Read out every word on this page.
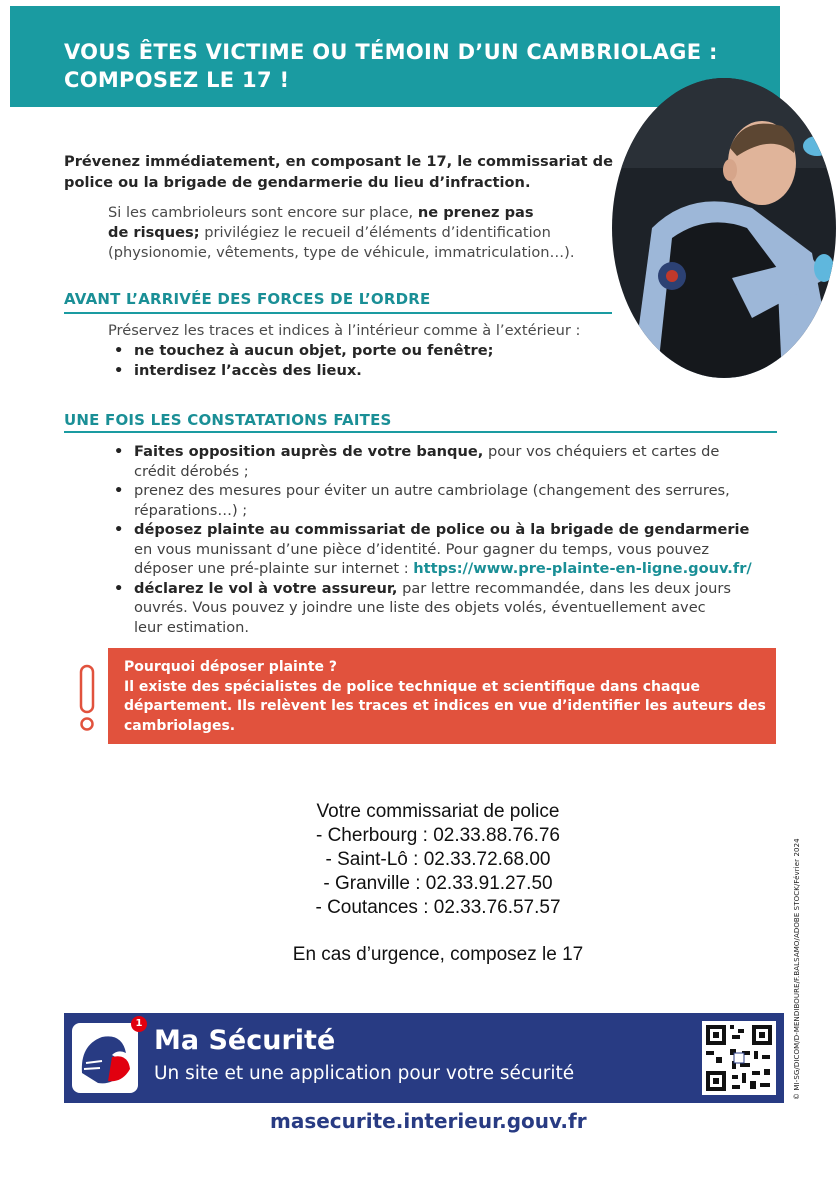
VOUS ÊTES VICTIME OU TÉMOIN D’UN CAMBRIOLAGE :
COMPOSEZ LE 17 !
Prévenez immédiatement, en composant le 17, le commissariat de
police ou la brigade de gendarmerie du lieu d’infraction.
Si les cambrioleurs sont encore sur place, ne prenez pas
de risques; privilégiez le recueil d’éléments d’identification
(physionomie, vêtements, type de véhicule, immatriculation…).
AVANT L’ARRIVÉE DES FORCES DE L’ORDRE
Préservez les traces et indices à l’intérieur comme à l’extérieur :
• ne touchez à aucun objet, porte ou fenêtre;
• interdisez l’accès des lieux.
UNE FOIS LES CONSTATATIONS FAITES
• Faites opposition auprès de votre banque, pour vos chéquiers et cartes de
crédit dérobés ;
• prenez des mesures pour éviter un autre cambriolage (changement des serrures,
réparations…) ;
• déposez plainte au commissariat de police ou à la brigade de gendarmerie
en vous munissant d’une pièce d’identité. Pour gagner du temps, vous pouvez
déposer une pré-plainte sur internet : https://www.pre-plainte-en-ligne.gouv.fr/
• déclarez le vol à votre assureur, par lettre recommandée, dans les deux jours
ouvrés. Vous pouvez y joindre une liste des objets volés, éventuellement avec
leur estimation.
Pourquoi déposer plainte ?
Il existe des spécialistes de police technique et scientifique dans chaque
département. Ils relèvent les traces et indices en vue d’identifier les auteurs des
cambriolages.
Votre commissariat de police
- Cherbourg : 02.33.88.76.76
- Saint-Lô : 02.33.72.68.00
- Granville : 02.33.91.27.50
- Coutances : 02.33.76.57.57
En cas d’urgence, composez le 17	© MI-SG/DICOM/D-MENDIBOURE/F.BALSAMO/ADOBE STOCK/Février 2024
1
Ma Sécurité
Un site et une application pour votre sécurité
masecurite.interieur.gouv.fr
